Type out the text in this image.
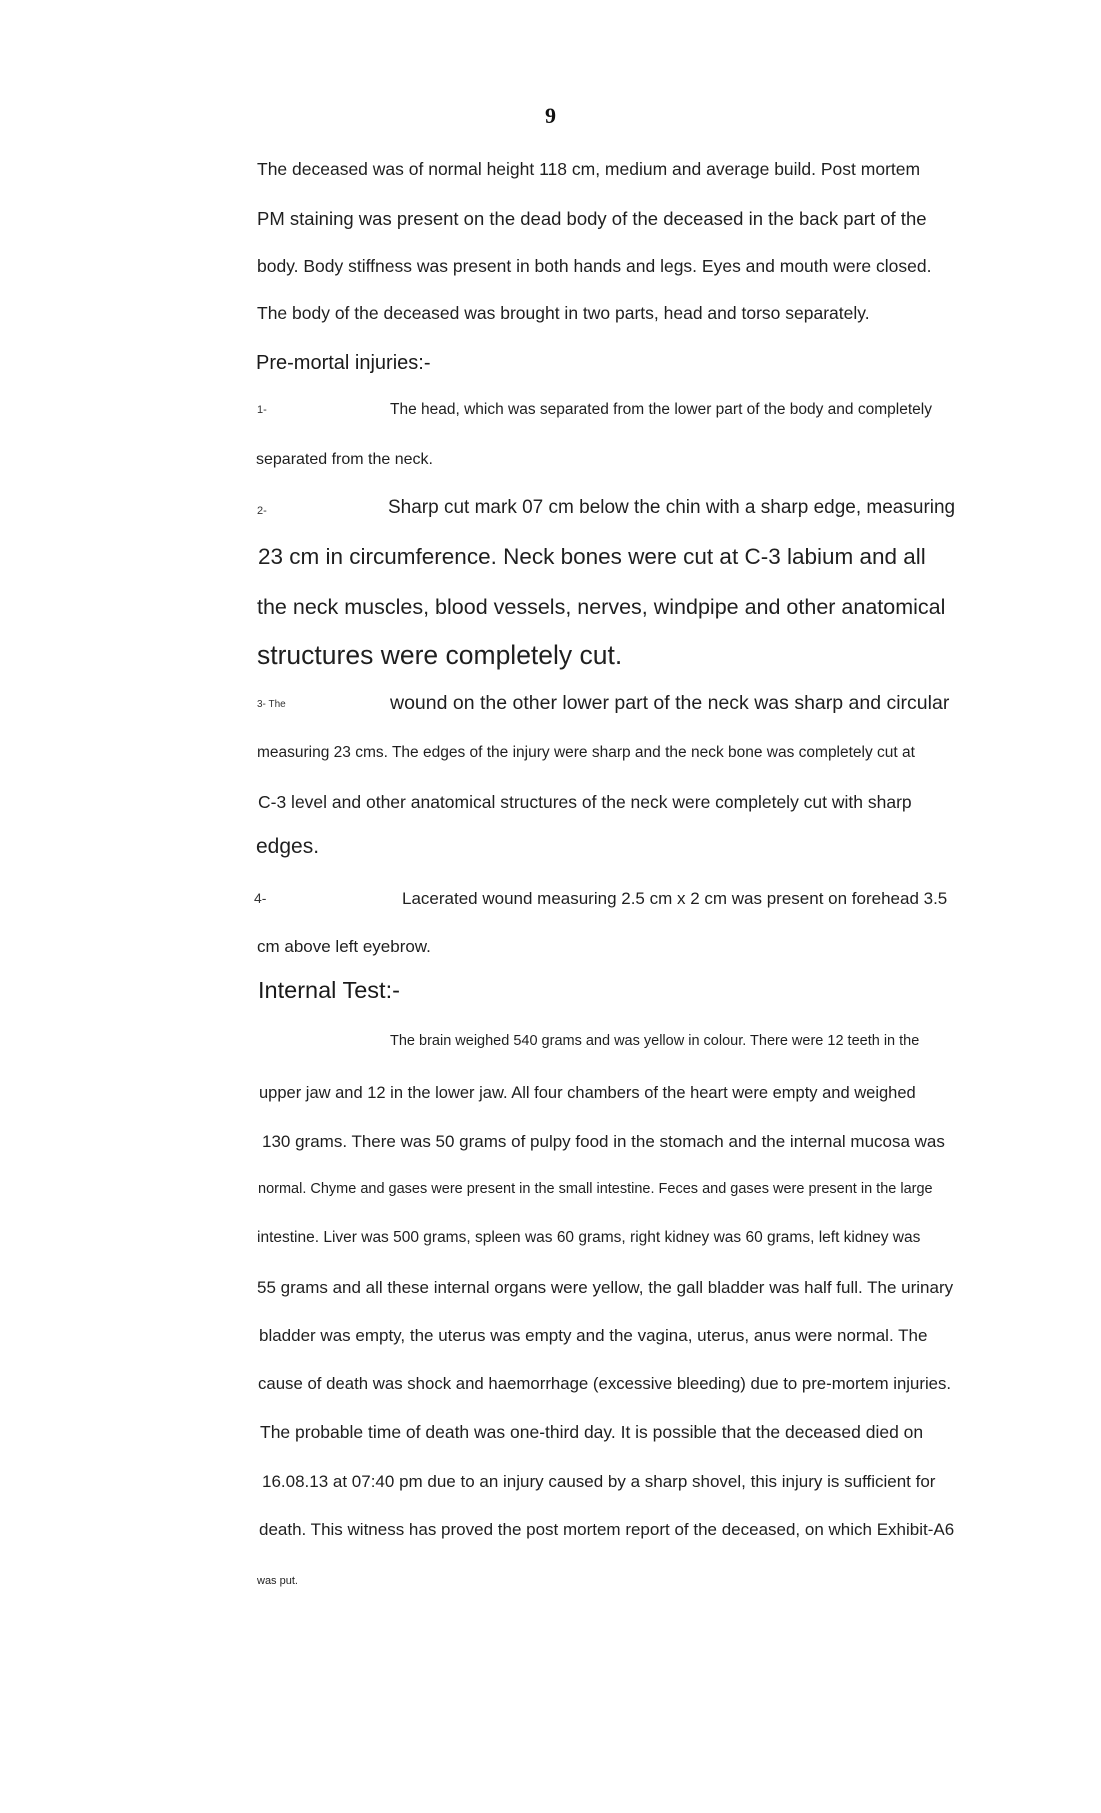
9
The deceased was of normal height 118 cm, medium and average build. Post mortem
PM staining was present on the dead body of the deceased in the back part of the
body. Body stiffness was present in both hands and legs. Eyes and mouth were closed.
The body of the deceased was brought in two parts, head and torso separately.
Pre-mortal injuries:-
1-	The head, which was separated from the lower part of the body and completely
separated from the neck.
2-	Sharp cut mark 07 cm below the chin with a sharp edge, measuring
23 cm in circumference. Neck bones were cut at C-3 labium and all
the neck muscles, blood vessels, nerves, windpipe and other anatomical
structures were completely cut.
3- The	wound on the other lower part of the neck was sharp and circular
measuring 23 cms. The edges of the injury were sharp and the neck bone was completely cut at
C-3 level and other anatomical structures of the neck were completely cut with sharp
edges.
4-	Lacerated wound measuring 2.5 cm x 2 cm was present on forehead 3.5
cm above left eyebrow.
Internal Test:-
The brain weighed 540 grams and was yellow in colour. There were 12 teeth in the
upper jaw and 12 in the lower jaw. All four chambers of the heart were empty and weighed
130 grams. There was 50 grams of pulpy food in the stomach and the internal mucosa was
normal. Chyme and gases were present in the small intestine. Feces and gases were present in the large
intestine. Liver was 500 grams, spleen was 60 grams, right kidney was 60 grams, left kidney was
55 grams and all these internal organs were yellow, the gall bladder was half full. The urinary
bladder was empty, the uterus was empty and the vagina, uterus, anus were normal. The
cause of death was shock and haemorrhage (excessive bleeding) due to pre-mortem injuries.
The probable time of death was one-third day. It is possible that the deceased died on
16.08.13 at 07:40 pm due to an injury caused by a sharp shovel, this injury is sufficient for
death. This witness has proved the post mortem report of the deceased, on which Exhibit-A6
was put.
